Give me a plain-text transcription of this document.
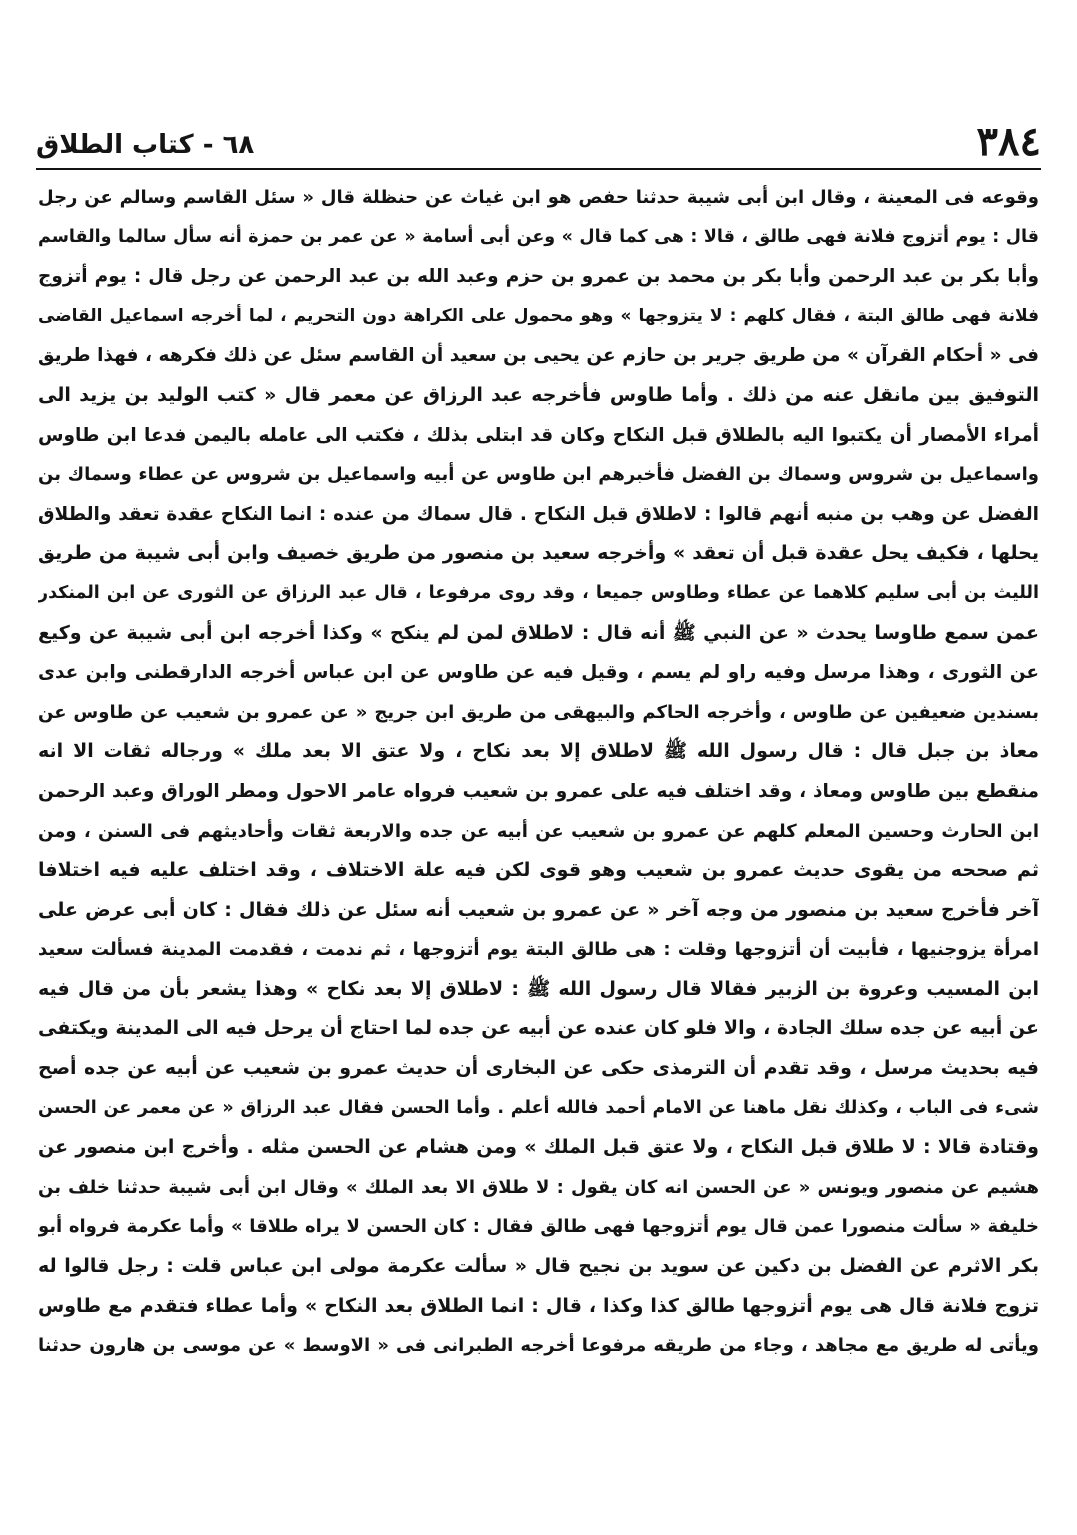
٣٨٤
٦٨ - كتاب الطلاق
وقوعه فى المعينة ، وقال ابن أبى شيبة حدثنا حفص هو ابن غياث عن حنظلة قال « سئل القاسم وسالم عن رجل
قال : يوم أتزوج فلانة فهى طالق ، قالا : هى كما قال » وعن أبى أسامة « عن عمر بن حمزة أنه سأل سالما والقاسم
وأبا بكر بن عبد الرحمن وأبا بكر بن محمد بن عمرو بن حزم وعبد الله بن عبد الرحمن عن رجل قال : يوم أتزوج
فلانة فهى طالق البتة ، فقال كلهم : لا يتزوجها » وهو محمول على الكراهة دون التحريم ، لما أخرجه اسماعيل القاضى
فى « أحكام القرآن » من طريق جرير بن حازم عن يحيى بن سعيد أن القاسم سئل عن ذلك فكرهه ، فهذا طريق
التوفيق بين مانقل عنه من ذلك . وأما طاوس فأخرجه عبد الرزاق عن معمر قال « كتب الوليد بن يزيد الى
أمراء الأمصار أن يكتبوا اليه بالطلاق قبل النكاح وكان قد ابتلى بذلك ، فكتب الى عامله باليمن فدعا ابن طاوس
واسماعيل بن شروس وسماك بن الفضل فأخبرهم ابن طاوس عن أبيه واسماعيل بن شروس عن عطاء وسماك بن
الفضل عن وهب بن منبه أنهم قالوا : لاطلاق قبل النكاح . قال سماك من عنده : انما النكاح عقدة تعقد والطلاق
يحلها ، فكيف يحل عقدة قبل أن تعقد » وأخرجه سعيد بن منصور من طريق خصيف وابن أبى شيبة من طريق
الليث بن أبى سليم كلاهما عن عطاء وطاوس جميعا ، وقد روى مرفوعا ، قال عبد الرزاق عن الثورى عن ابن المنكدر
عمن سمع طاوسا يحدث « عن النبي ﷺ أنه قال : لاطلاق لمن لم ينكح » وكذا أخرجه ابن أبى شيبة عن وكيع
عن الثورى ، وهذا مرسل وفيه راو لم يسم ، وقيل فيه عن طاوس عن ابن عباس أخرجه الدارقطنى وابن عدى
بسندين ضعيفين عن طاوس ، وأخرجه الحاكم والبيهقى من طريق ابن جريج « عن عمرو بن شعيب عن طاوس عن
معاذ بن جبل قال : قال رسول الله ﷺ لاطلاق إلا بعد نكاح ، ولا عتق الا بعد ملك » ورجاله ثقات الا انه
منقطع بين طاوس ومعاذ ، وقد اختلف فيه على عمرو بن شعيب فرواه عامر الاحول ومطر الوراق وعبد الرحمن
ابن الحارث وحسين المعلم كلهم عن عمرو بن شعيب عن أبيه عن جده والاربعة ثقات وأحاديثهم فى السنن ، ومن
ثم صححه من يقوى حديث عمرو بن شعيب وهو قوى لكن فيه علة الاختلاف ، وقد اختلف عليه فيه اختلافا
آخر فأخرج سعيد بن منصور من وجه آخر « عن عمرو بن شعيب أنه سئل عن ذلك فقال : كان أبى عرض على
امرأة يزوجنيها ، فأبيت أن أتزوجها وقلت : هى طالق البتة يوم أتزوجها ، ثم ندمت ، فقدمت المدينة فسألت سعيد
ابن المسيب وعروة بن الزبير فقالا قال رسول الله ﷺ : لاطلاق إلا بعد نكاح » وهذا يشعر بأن من قال فيه
عن أبيه عن جده سلك الجادة ، والا فلو كان عنده عن أبيه عن جده لما احتاج أن يرحل فيه الى المدينة ويكتفى
فيه بحديث مرسل ، وقد تقدم أن الترمذى حكى عن البخارى أن حديث عمرو بن شعيب عن أبيه عن جده أصح
شىء فى الباب ، وكذلك نقل ماهنا عن الامام أحمد فالله أعلم . وأما الحسن فقال عبد الرزاق « عن معمر عن الحسن
وقتادة قالا : لا طلاق قبل النكاح ، ولا عتق قبل الملك » ومن هشام عن الحسن مثله . وأخرج ابن منصور عن
هشيم عن منصور ويونس « عن الحسن انه كان يقول : لا طلاق الا بعد الملك » وقال ابن أبى شيبة حدثنا خلف بن
خليفة « سألت منصورا عمن قال يوم أتزوجها فهى طالق فقال : كان الحسن لا يراه طلاقا » وأما عكرمة فرواه أبو
بكر الاثرم عن الفضل بن دكين عن سويد بن نجيح قال « سألت عكرمة مولى ابن عباس قلت : رجل قالوا له
تزوج فلانة قال هى يوم أتزوجها طالق كذا وكذا ، قال : انما الطلاق بعد النكاح » وأما عطاء فتقدم مع طاوس
ويأتى له طريق مع مجاهد ، وجاء من طريقه مرفوعا أخرجه الطبرانى فى « الاوسط » عن موسى بن هارون حدثنا
